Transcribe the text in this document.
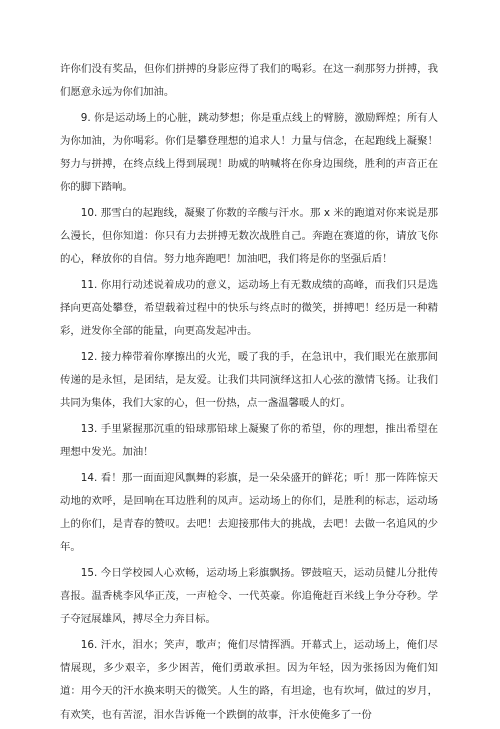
许你们没有奖品，但你们拼搏的身影应得了我们的喝彩。在这一刹那努力拼搏，我们愿意永远为你们加油。

9. 你是运动场上的心脏，跳动梦想；你是重点线上的臂膀，激励辉煌；所有人为你加油，为你喝彩。你们是攀登理想的追求人！力量与信念，在起跑线上凝聚！努力与拼搏，在终点线上得到展现！助威的呐喊将在你身边围绕，胜利的声音正在你的脚下踏响。

10. 那雪白的起跑线，凝聚了你数的辛酸与汗水。那 x 米的跑道对你来说是那么漫长，但你知道：你只有力去拼搏无数次战胜自己。奔跑在赛道的你，请放飞你的心，释放你的自信。努力地奔跑吧！加油吧，我们将是你的坚强后盾！

11. 你用行动述说着成功的意义，运动场上有无数成绩的高峰，而我们只是选择向更高处攀登，希望载着过程中的快乐与终点时的微笑，拼搏吧！经历是一种精彩，迸发你全部的能量，向更高发起冲击。

12. 接力棒带着你摩擦出的火光，暖了我的手，在急讯中，我们眼光在旅那间传递的是永恒，是团结，是友爱。让我们共同演绎这扣人心弦的激情飞扬。让我们共同为集体，我们大家的心，但一份热，点一盏温馨暖人的灯。

13. 手里紧握那沉重的铅球那铅球上凝聚了你的希望，你的理想，推出希望在理想中发光。加油！

14. 看！那一面面迎风飘舞的彩旗，是一朵朵盛开的鲜花；听！那一阵阵惊天动地的欢呼，是回响在耳边胜利的凤声。运动场上的你们，是胜利的标志，运动场上的你们，是青春的赞叹。去吧！去迎接那伟大的挑战，去吧！去做一名追风的少年。

15. 今日学校园人心欢畅，运动场上彩旗飘扬。锣鼓喧天，运动员健儿分批传喜报。温香桃李风华正茂，一声枪令、一代英豪。你追俺赶百米线上争分夺秒。学子夺冠展雄风，搏尽全力奔目标。

16. 汗水，泪水；笑声，歌声；俺们尽情挥洒。开幕式上，运动场上，俺们尽情展现，多少艰辛，多少困苦，俺们勇敢承担。因为年轻，因为张扬因为俺们知道：用今天的汗水换来明天的微笑。人生的路，有坦途，也有坎坷，做过的岁月，有欢笑，也有苦涩，泪水告诉俺一个跌倒的故事，汗水使俺多了一份
